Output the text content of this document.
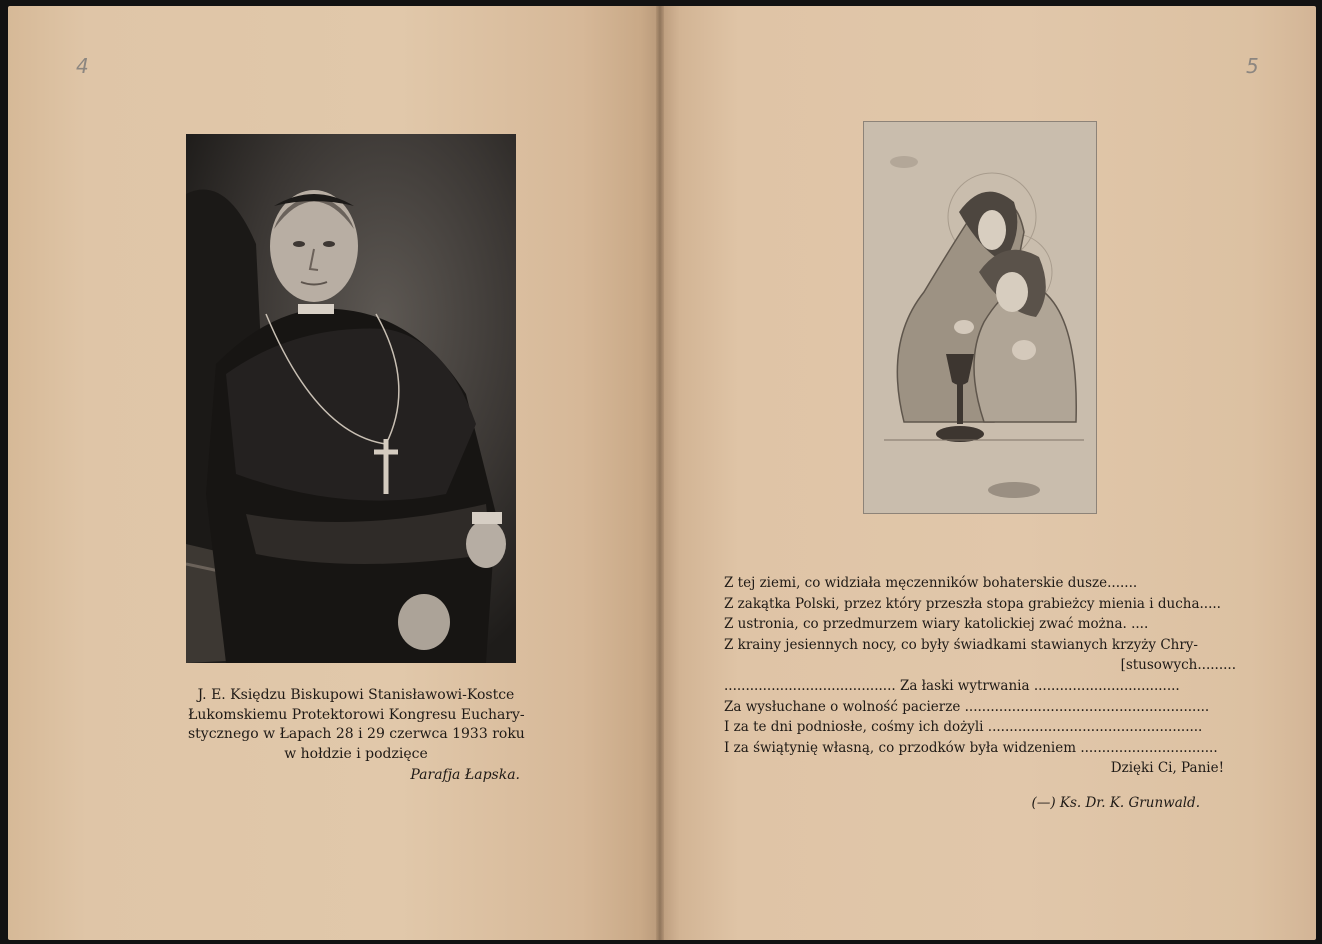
4
J. E. Księdzu Biskupowi Stanisławowi-Kostce
Łukomskiemu Protektorowi Kongresu Euchary-
stycznego w Łapach 28 i 29 czerwca 1933 roku
w hołdzie i podzięce
Parafja Łapska.
5
Z tej ziemi, co widziała męczenników bohaterskie dusze.......
Z zakątka Polski, przez który przeszła stopa grabieżcy mienia i ducha.....
Z ustronia, co przedmurzem wiary katolickiej zwać można. ....
Z krainy jesiennych nocy, co były świadkami stawianych krzyży Chry-
[stusowych.........
........................................ Za łaski wytrwania ..................................
Za wysłuchane o wolność pacierze .........................................................
I za te dni podniosłe, cośmy ich dożyli ..................................................
I za świątynię własną, co przodków była widzeniem ................................
Dzięki Ci, Panie!
(—) Ks. Dr. K. Grunwald.
